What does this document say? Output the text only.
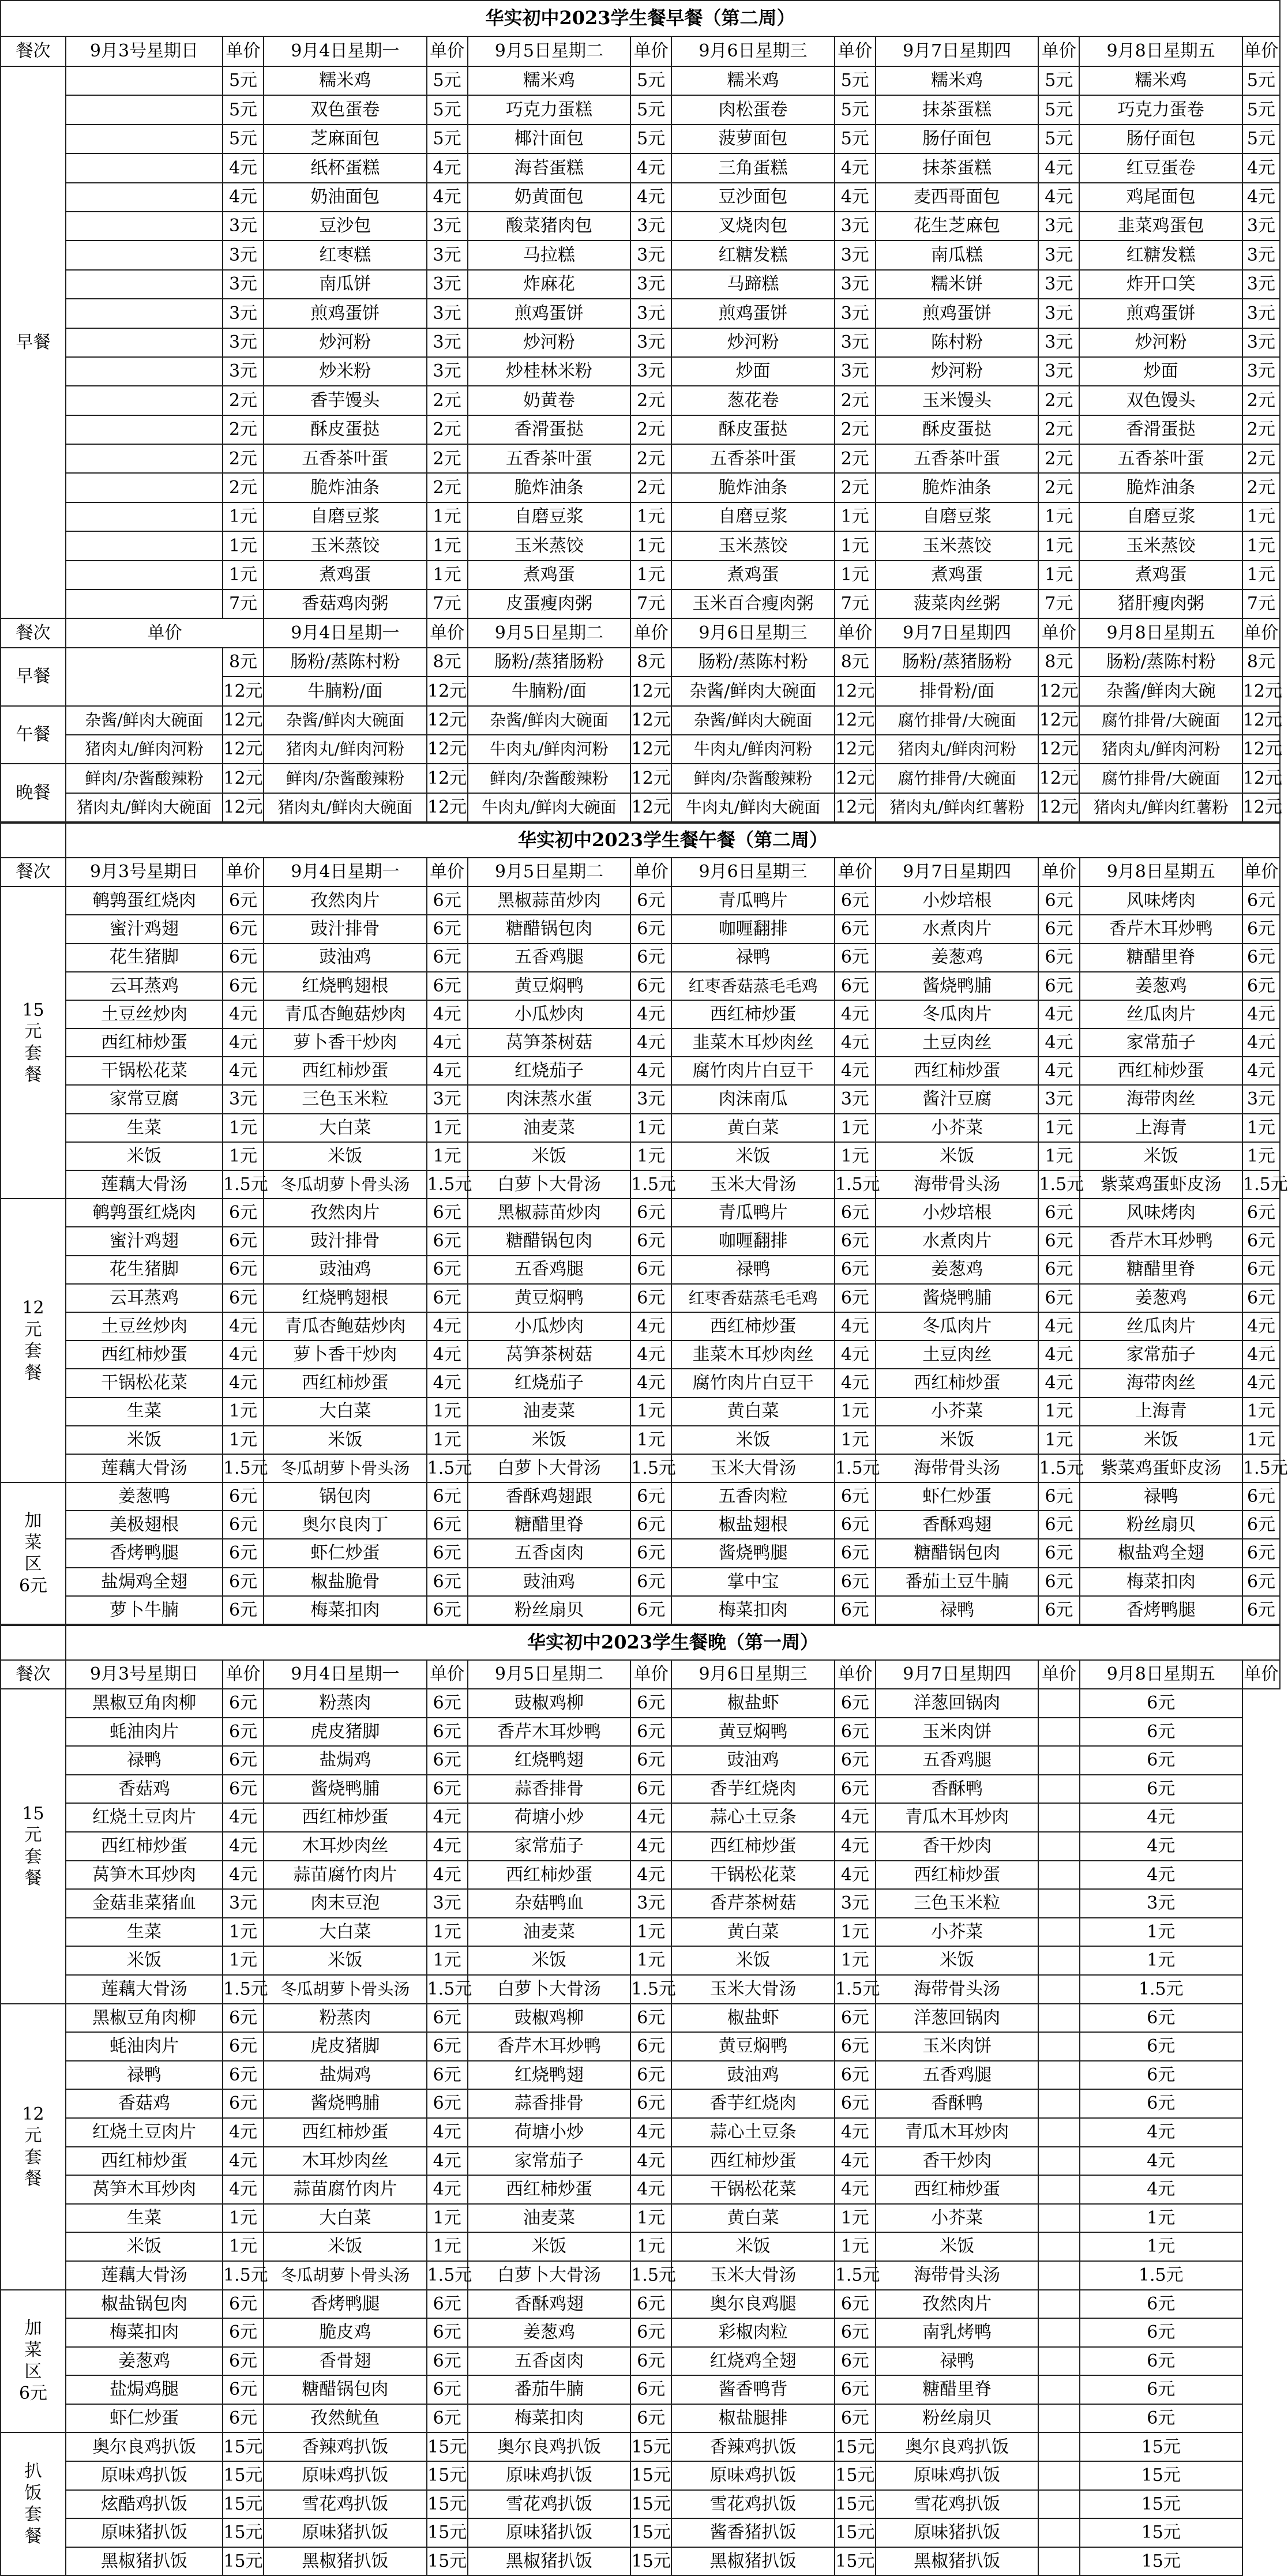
华实初中2023学生餐早餐（第二周）												
餐次	9月3号星期日	单价	9月4日星期一	单价	9月5日星期二	单价	9月6日星期三	单价	9月7日星期四	单价	9月8日星期五	单价
早餐		5元	糯米鸡	5元	糯米鸡	5元	糯米鸡	5元	糯米鸡	5元	糯米鸡	5元
		5元	双色蛋卷	5元	巧克力蛋糕	5元	肉松蛋卷	5元	抹茶蛋糕	5元	巧克力蛋卷	5元
		5元	芝麻面包	5元	椰汁面包	5元	菠萝面包	5元	肠仔面包	5元	肠仔面包	5元
		4元	纸杯蛋糕	4元	海苔蛋糕	4元	三角蛋糕	4元	抹茶蛋糕	4元	红豆蛋卷	4元
		4元	奶油面包	4元	奶黄面包	4元	豆沙面包	4元	麦西哥面包	4元	鸡尾面包	4元
		3元	豆沙包	3元	酸菜猪肉包	3元	叉烧肉包	3元	花生芝麻包	3元	韭菜鸡蛋包	3元
		3元	红枣糕	3元	马拉糕	3元	红糖发糕	3元	南瓜糕	3元	红糖发糕	3元
		3元	南瓜饼	3元	炸麻花	3元	马蹄糕	3元	糯米饼	3元	炸开口笑	3元
		3元	煎鸡蛋饼	3元	煎鸡蛋饼	3元	煎鸡蛋饼	3元	煎鸡蛋饼	3元	煎鸡蛋饼	3元
		3元	炒河粉	3元	炒河粉	3元	炒河粉	3元	陈村粉	3元	炒河粉	3元
		3元	炒米粉	3元	炒桂林米粉	3元	炒面	3元	炒河粉	3元	炒面	3元
		2元	香芋馒头	2元	奶黄卷	2元	葱花卷	2元	玉米馒头	2元	双色馒头	2元
		2元	酥皮蛋挞	2元	香滑蛋挞	2元	酥皮蛋挞	2元	酥皮蛋挞	2元	香滑蛋挞	2元
		2元	五香茶叶蛋	2元	五香茶叶蛋	2元	五香茶叶蛋	2元	五香茶叶蛋	2元	五香茶叶蛋	2元
		2元	脆炸油条	2元	脆炸油条	2元	脆炸油条	2元	脆炸油条	2元	脆炸油条	2元
		1元	自磨豆浆	1元	自磨豆浆	1元	自磨豆浆	1元	自磨豆浆	1元	自磨豆浆	1元
		1元	玉米蒸饺	1元	玉米蒸饺	1元	玉米蒸饺	1元	玉米蒸饺	1元	玉米蒸饺	1元
		1元	煮鸡蛋	1元	煮鸡蛋	1元	煮鸡蛋	1元	煮鸡蛋	1元	煮鸡蛋	1元
		7元	香菇鸡肉粥	7元	皮蛋瘦肉粥	7元	玉米百合瘦肉粥	7元	菠菜肉丝粥	7元	猪肝瘦肉粥	7元
餐次	单价		9月4日星期一	单价	9月5日星期二	单价	9月6日星期三	单价	9月7日星期四	单价	9月8日星期五	单价
早餐		8元	肠粉/蒸陈村粉	8元	肠粉/蒸猪肠粉	8元	肠粉/蒸陈村粉	8元	肠粉/蒸猪肠粉	8元	肠粉/蒸陈村粉	8元
		12元	牛腩粉/面	12元	牛腩粉/面	12元	杂酱/鲜肉大碗面	12元	排骨粉/面	12元	杂酱/鲜肉大碗	12元
午餐	杂酱/鲜肉大碗面	12元	杂酱/鲜肉大碗面	12元	杂酱/鲜肉大碗面	12元	杂酱/鲜肉大碗面	12元	腐竹排骨/大碗面	12元	腐竹排骨/大碗面	12元
	猪肉丸/鲜肉河粉	12元	猪肉丸/鲜肉河粉	12元	牛肉丸/鲜肉河粉	12元	牛肉丸/鲜肉河粉	12元	猪肉丸/鲜肉河粉	12元	猪肉丸/鲜肉河粉	12元
晚餐	鲜肉/杂酱酸辣粉	12元	鲜肉/杂酱酸辣粉	12元	鲜肉/杂酱酸辣粉	12元	鲜肉/杂酱酸辣粉	12元	腐竹排骨/大碗面	12元	腐竹排骨/大碗面	12元
	猪肉丸/鲜肉大碗面	12元	猪肉丸/鲜肉大碗面	12元	牛肉丸/鲜肉大碗面	12元	牛肉丸/鲜肉大碗面	12元	猪肉丸/鲜肉红薯粉	12元	猪肉丸/鲜肉红薯粉	12元
	华实初中2023学生餐午餐（第二周）											
餐次	9月3号星期日	单价	9月4日星期一	单价	9月5日星期二	单价	9月6日星期三	单价	9月7日星期四	单价	9月8日星期五	单价
15
元
套
餐	鹌鹑蛋红烧肉	6元	孜然肉片	6元	黑椒蒜苗炒肉	6元	青瓜鸭片	6元	小炒培根	6元	风味烤肉	6元
	蜜汁鸡翅	6元	豉汁排骨	6元	糖醋锅包肉	6元	咖喱翻排	6元	水煮肉片	6元	香芹木耳炒鸭	6元
	花生猪脚	6元	豉油鸡	6元	五香鸡腿	6元	禄鸭	6元	姜葱鸡	6元	糖醋里脊	6元
	云耳蒸鸡	6元	红烧鸭翅根	6元	黄豆焖鸭	6元	红枣香菇蒸毛毛鸡	6元	酱烧鸭脯	6元	姜葱鸡	6元
	土豆丝炒肉	4元	青瓜杏鲍菇炒肉	4元	小瓜炒肉	4元	西红柿炒蛋	4元	冬瓜肉片	4元	丝瓜肉片	4元
	西红柿炒蛋	4元	萝卜香干炒肉	4元	莴笋茶树菇	4元	韭菜木耳炒肉丝	4元	土豆肉丝	4元	家常茄子	4元
	干锅松花菜	4元	西红柿炒蛋	4元	红烧茄子	4元	腐竹肉片白豆干	4元	西红柿炒蛋	4元	西红柿炒蛋	4元
	家常豆腐	3元	三色玉米粒	3元	肉沫蒸水蛋	3元	肉沫南瓜	3元	酱汁豆腐	3元	海带肉丝	3元
	生菜	1元	大白菜	1元	油麦菜	1元	黄白菜	1元	小芥菜	1元	上海青	1元
	米饭	1元	米饭	1元	米饭	1元	米饭	1元	米饭	1元	米饭	1元
	莲藕大骨汤	1.5元	冬瓜胡萝卜骨头汤	1.5元	白萝卜大骨汤	1.5元	玉米大骨汤	1.5元	海带骨头汤	1.5元	紫菜鸡蛋虾皮汤	1.5元
12
元
套
餐	鹌鹑蛋红烧肉	6元	孜然肉片	6元	黑椒蒜苗炒肉	6元	青瓜鸭片	6元	小炒培根	6元	风味烤肉	6元
	蜜汁鸡翅	6元	豉汁排骨	6元	糖醋锅包肉	6元	咖喱翻排	6元	水煮肉片	6元	香芹木耳炒鸭	6元
	花生猪脚	6元	豉油鸡	6元	五香鸡腿	6元	禄鸭	6元	姜葱鸡	6元	糖醋里脊	6元
	云耳蒸鸡	6元	红烧鸭翅根	6元	黄豆焖鸭	6元	红枣香菇蒸毛毛鸡	6元	酱烧鸭脯	6元	姜葱鸡	6元
	土豆丝炒肉	4元	青瓜杏鲍菇炒肉	4元	小瓜炒肉	4元	西红柿炒蛋	4元	冬瓜肉片	4元	丝瓜肉片	4元
	西红柿炒蛋	4元	萝卜香干炒肉	4元	莴笋茶树菇	4元	韭菜木耳炒肉丝	4元	土豆肉丝	4元	家常茄子	4元
	干锅松花菜	4元	西红柿炒蛋	4元	红烧茄子	4元	腐竹肉片白豆干	4元	西红柿炒蛋	4元	海带肉丝	4元
	生菜	1元	大白菜	1元	油麦菜	1元	黄白菜	1元	小芥菜	1元	上海青	1元
	米饭	1元	米饭	1元	米饭	1元	米饭	1元	米饭	1元	米饭	1元
	莲藕大骨汤	1.5元	冬瓜胡萝卜骨头汤	1.5元	白萝卜大骨汤	1.5元	玉米大骨汤	1.5元	海带骨头汤	1.5元	紫菜鸡蛋虾皮汤	1.5元
加
菜
区
6元	姜葱鸭	6元	锅包肉	6元	香酥鸡翅跟	6元	五香肉粒	6元	虾仁炒蛋	6元	禄鸭	6元
	美极翅根	6元	奥尔良肉丁	6元	糖醋里脊	6元	椒盐翅根	6元	香酥鸡翅	6元	粉丝扇贝	6元
	香烤鸭腿	6元	虾仁炒蛋	6元	五香卤肉	6元	酱烧鸭腿	6元	糖醋锅包肉	6元	椒盐鸡全翅	6元
	盐焗鸡全翅	6元	椒盐脆骨	6元	豉油鸡	6元	掌中宝	6元	番茄土豆牛腩	6元	梅菜扣肉	6元
	萝卜牛腩	6元	梅菜扣肉	6元	粉丝扇贝	6元	梅菜扣肉	6元	禄鸭	6元	香烤鸭腿	6元
	华实初中2023学生餐晚（第一周）											
餐次	9月3号星期日	单价	9月4日星期一	单价	9月5日星期二	单价	9月6日星期三	单价	9月7日星期四	单价	9月8日星期五	单价
15
元
套
餐	黑椒豆角肉柳	6元	粉蒸肉	6元	豉椒鸡柳	6元	椒盐虾	6元	洋葱回锅肉		6元	
	蚝油肉片	6元	虎皮猪脚	6元	香芹木耳炒鸭	6元	黄豆焖鸭	6元	玉米肉饼		6元	
	禄鸭	6元	盐焗鸡	6元	红烧鸭翅	6元	豉油鸡	6元	五香鸡腿		6元	
	香菇鸡	6元	酱烧鸭脯	6元	蒜香排骨	6元	香芋红烧肉	6元	香酥鸭		6元	
	红烧土豆肉片	4元	西红柿炒蛋	4元	荷塘小炒	4元	蒜心土豆条	4元	青瓜木耳炒肉		4元	
	西红柿炒蛋	4元	木耳炒肉丝	4元	家常茄子	4元	西红柿炒蛋	4元	香干炒肉		4元	
	莴笋木耳炒肉	4元	蒜苗腐竹肉片	4元	西红柿炒蛋	4元	干锅松花菜	4元	西红柿炒蛋		4元	
	金菇韭菜猪血	3元	肉末豆泡	3元	杂菇鸭血	3元	香芹茶树菇	3元	三色玉米粒		3元	
	生菜	1元	大白菜	1元	油麦菜	1元	黄白菜	1元	小芥菜		1元	
	米饭	1元	米饭	1元	米饭	1元	米饭	1元	米饭		1元	
	莲藕大骨汤	1.5元	冬瓜胡萝卜骨头汤	1.5元	白萝卜大骨汤	1.5元	玉米大骨汤	1.5元	海带骨头汤		1.5元	
12
元
套
餐	黑椒豆角肉柳	6元	粉蒸肉	6元	豉椒鸡柳	6元	椒盐虾	6元	洋葱回锅肉		6元	
	蚝油肉片	6元	虎皮猪脚	6元	香芹木耳炒鸭	6元	黄豆焖鸭	6元	玉米肉饼		6元	
	禄鸭	6元	盐焗鸡	6元	红烧鸭翅	6元	豉油鸡	6元	五香鸡腿		6元	
	香菇鸡	6元	酱烧鸭脯	6元	蒜香排骨	6元	香芋红烧肉	6元	香酥鸭		6元	
	红烧土豆肉片	4元	西红柿炒蛋	4元	荷塘小炒	4元	蒜心土豆条	4元	青瓜木耳炒肉		4元	
	西红柿炒蛋	4元	木耳炒肉丝	4元	家常茄子	4元	西红柿炒蛋	4元	香干炒肉		4元	
	莴笋木耳炒肉	4元	蒜苗腐竹肉片	4元	西红柿炒蛋	4元	干锅松花菜	4元	西红柿炒蛋		4元	
	生菜	1元	大白菜	1元	油麦菜	1元	黄白菜	1元	小芥菜		1元	
	米饭	1元	米饭	1元	米饭	1元	米饭	1元	米饭		1元	
	莲藕大骨汤	1.5元	冬瓜胡萝卜骨头汤	1.5元	白萝卜大骨汤	1.5元	玉米大骨汤	1.5元	海带骨头汤		1.5元	
加
菜
区
6元	椒盐锅包肉	6元	香烤鸭腿	6元	香酥鸡翅	6元	奥尔良鸡腿	6元	孜然肉片		6元	
	梅菜扣肉	6元	脆皮鸡	6元	姜葱鸡	6元	彩椒肉粒	6元	南乳烤鸭		6元	
	姜葱鸡	6元	香骨翅	6元	五香卤肉	6元	红烧鸡全翅	6元	禄鸭		6元	
	盐焗鸡腿	6元	糖醋锅包肉	6元	番茄牛腩	6元	酱香鸭背	6元	糖醋里脊		6元	
	虾仁炒蛋	6元	孜然鱿鱼	6元	梅菜扣肉	6元	椒盐腿排	6元	粉丝扇贝		6元	
扒
饭
套
餐	奥尔良鸡扒饭	15元	香辣鸡扒饭	15元	奥尔良鸡扒饭	15元	香辣鸡扒饭	15元	奥尔良鸡扒饭		15元	
	原味鸡扒饭	15元	原味鸡扒饭	15元	原味鸡扒饭	15元	原味鸡扒饭	15元	原味鸡扒饭		15元	
	炫酷鸡扒饭	15元	雪花鸡扒饭	15元	雪花鸡扒饭	15元	雪花鸡扒饭	15元	雪花鸡扒饭		15元	
	原味猪扒饭	15元	原味猪扒饭	15元	原味猪扒饭	15元	酱香猪扒饭	15元	原味猪扒饭		15元	
	黑椒猪扒饭	15元	黑椒猪扒饭	15元	黑椒猪扒饭	15元	黑椒猪扒饭	15元	黑椒猪扒饭		15元	
